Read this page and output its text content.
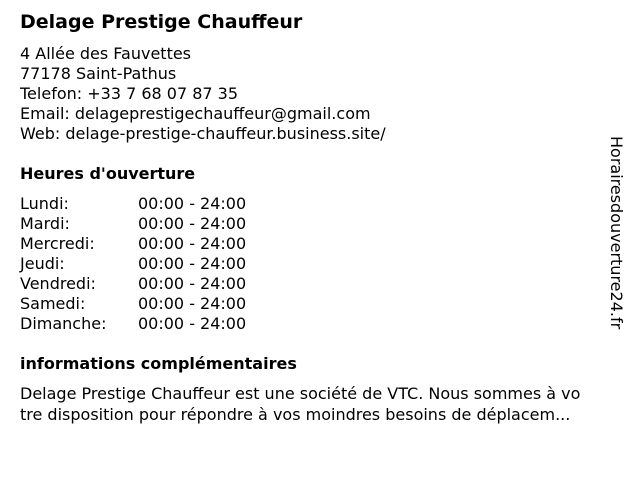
Delage Prestige Chauffeur
4 Allée des Fauvettes
77178 Saint-Pathus
Telefon: +33 7 68 07 87 35
Email: delageprestigechauffeur@gmail.com
Web: delage-prestige-chauffeur.business.site/
Heures d'ouverture
Lundi:	00:00 - 24:00
Mardi:	00:00 - 24:00
Mercredi:	00:00 - 24:00
Jeudi:	00:00 - 24:00
Vendredi:	00:00 - 24:00
Samedi:	00:00 - 24:00
Dimanche: 00:00 - 24:00
informations complémentaires
Delage Prestige Chauffeur est une société de VTC. Nous sommes à vo
tre disposition pour répondre à vos moindres besoins de déplacem...
Horairesdouverture24.fr
